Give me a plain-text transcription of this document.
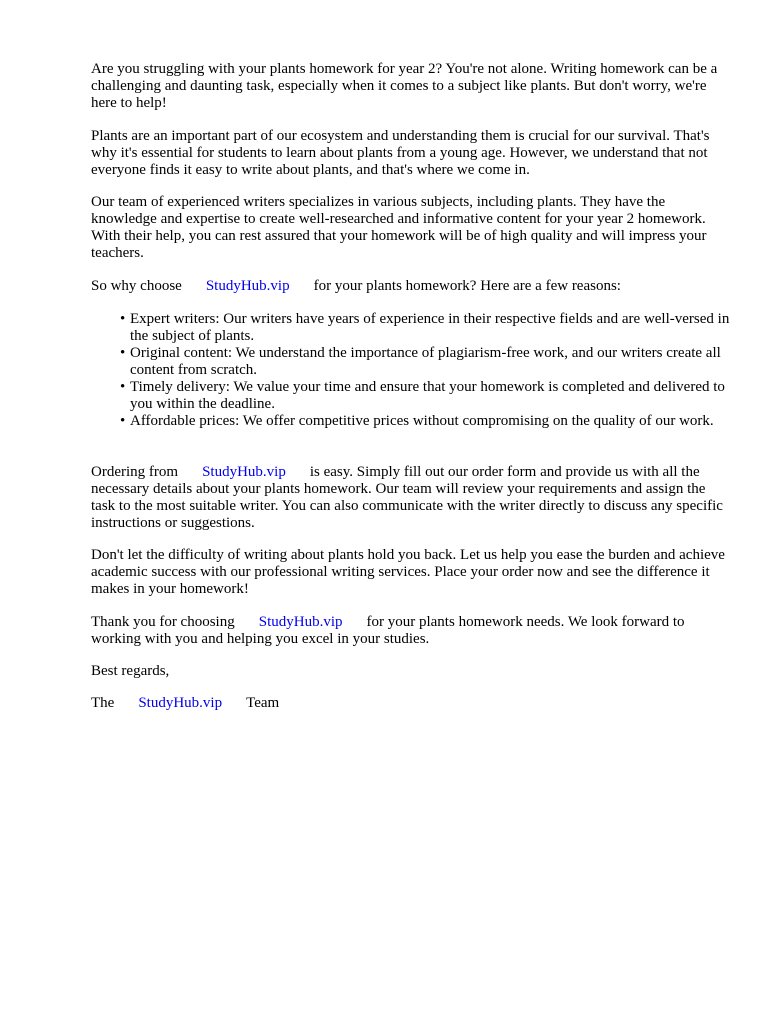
Are you struggling with your plants homework for year 2? You're not alone. Writing homework can be a challenging and daunting task, especially when it comes to a subject like plants. But don't worry, we're here to help!

Plants are an important part of our ecosystem and understanding them is crucial for our survival. That's why it's essential for students to learn about plants from a young age. However, we understand that not everyone finds it easy to write about plants, and that's where we come in.

Our team of experienced writers specializes in various subjects, including plants. They have the knowledge and expertise to create well-researched and informative content for your year 2 homework. With their help, you can rest assured that your homework will be of high quality and will impress your teachers.

So why choose StudyHub.vip for your plants homework? Here are a few reasons:

• Expert writers: Our writers have years of experience in their respective fields and are well-versed in the subject of plants.
• Original content: We understand the importance of plagiarism-free work, and our writers create all content from scratch.
• Timely delivery: We value your time and ensure that your homework is completed and delivered to you within the deadline.
• Affordable prices: We offer competitive prices without compromising on the quality of our work.

Ordering from StudyHub.vip is easy. Simply fill out our order form and provide us with all the necessary details about your plants homework. Our team will review your requirements and assign the task to the most suitable writer. You can also communicate with the writer directly to discuss any specific instructions or suggestions.

Don't let the difficulty of writing about plants hold you back. Let us help you ease the burden and achieve academic success with our professional writing services. Place your order now and see the difference it makes in your homework!

Thank you for choosing StudyHub.vip for your plants homework needs. We look forward to working with you and helping you excel in your studies.

Best regards,

The StudyHub.vip Team
